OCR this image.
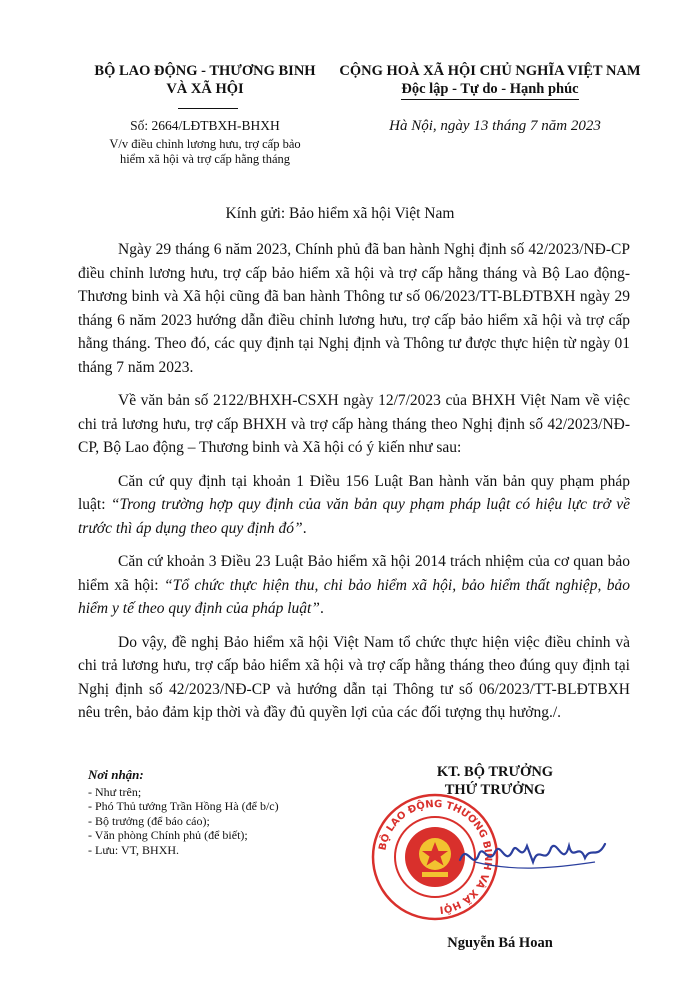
BỘ LAO ĐỘNG - THƯƠNG BINH
VÀ XÃ HỘI
Số: 2664/LĐTBXH-BHXH
V/v điều chỉnh lương hưu, trợ cấp bảo
hiểm xã hội và trợ cấp hằng tháng
CỘNG HOÀ XÃ HỘI CHỦ NGHĨA VIỆT NAM
Độc lập - Tự do - Hạnh phúc
Hà Nội, ngày 13 tháng 7 năm 2023
Kính gửi: Bảo hiểm xã hội Việt Nam

Ngày 29 tháng 6 năm 2023, Chính phủ đã ban hành Nghị định số 42/2023/NĐ-CP điều chỉnh lương hưu, trợ cấp bảo hiểm xã hội và trợ cấp hằng tháng và Bộ Lao động- Thương binh và Xã hội cũng đã ban hành Thông tư số 06/2023/TT-BLĐTBXH ngày 29 tháng 6 năm 2023 hướng dẫn điều chỉnh lương hưu, trợ cấp bảo hiểm xã hội và trợ cấp hằng tháng. Theo đó, các quy định tại Nghị định và Thông tư được thực hiện từ ngày 01 tháng 7 năm 2023.

Về văn bản số 2122/BHXH-CSXH ngày 12/7/2023 của BHXH Việt Nam về việc chi trả lương hưu, trợ cấp BHXH và trợ cấp hàng tháng theo Nghị định số 42/2023/NĐ-CP, Bộ Lao động – Thương binh và Xã hội có ý kiến như sau:

Căn cứ quy định tại khoản 1 Điều 156 Luật Ban hành văn bản quy phạm pháp luật: “Trong trường hợp quy định của văn bản quy phạm pháp luật có hiệu lực trở về trước thì áp dụng theo quy định đó”.

Căn cứ khoản 3 Điều 23 Luật Bảo hiểm xã hội 2014 trách nhiệm của cơ quan bảo hiểm xã hội: “Tổ chức thực hiện thu, chi bảo hiểm xã hội, bảo hiểm thất nghiệp, bảo hiểm y tế theo quy định của pháp luật”.

Do vậy, đề nghị Bảo hiểm xã hội Việt Nam tổ chức thực hiện việc điều chỉnh và chi trả lương hưu, trợ cấp bảo hiểm xã hội và trợ cấp hằng tháng theo đúng quy định tại Nghị định số 42/2023/NĐ-CP và hướng dẫn tại Thông tư số 06/2023/TT-BLĐTBXH nêu trên, bảo đảm kịp thời và đầy đủ quyền lợi của các đối tượng thụ hưởng./.

Nơi nhận:
- Như trên;
- Phó Thủ tướng Trần Hồng Hà (để b/c)
- Bộ trưởng (để báo cáo);
- Văn phòng Chính phủ (để biết);
- Lưu: VT, BHXH.
KT. BỘ TRƯỞNG
THỨ TRƯỞNG
BỘ LAO ĐỘNG THƯƠNG BINH VÀ XÃ HỘI
Nguyễn Bá Hoan
